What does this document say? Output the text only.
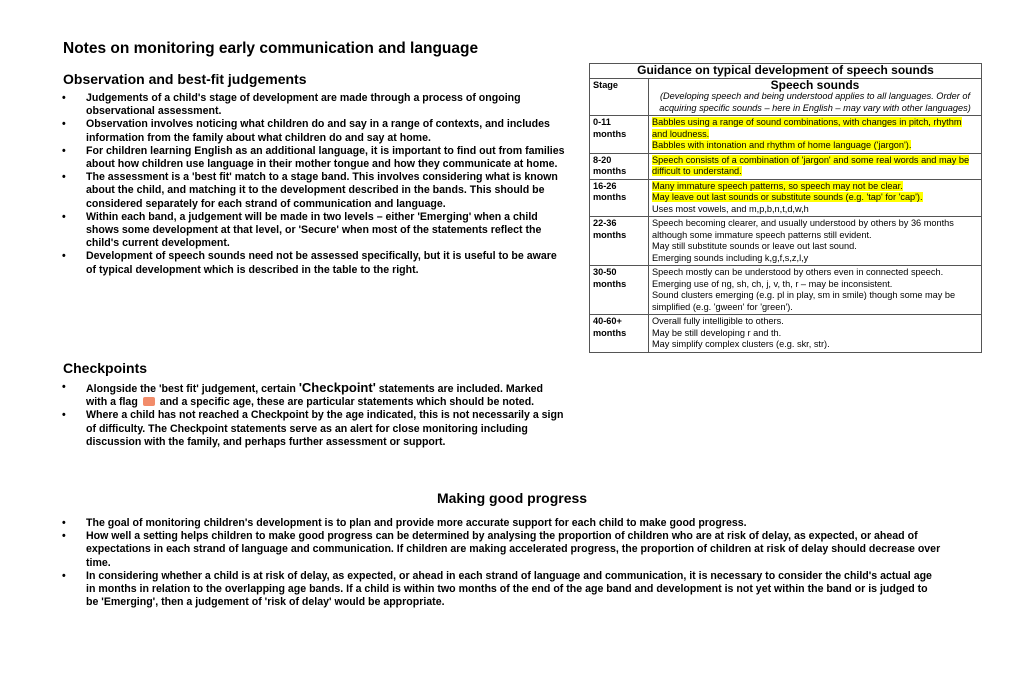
Notes on monitoring early communication and language
Observation and best-fit judgements
• Judgements of a child's stage of development are made through a process of ongoing observational assessment.
• Observation involves noticing what children do and say in a range of contexts, and includes information from the family about what children do and say at home.
• For children learning English as an additional language, it is important to find out from families about how children use language in their mother tongue and how they communicate at home.
• The assessment is a 'best fit' match to a stage band. This involves considering what is known about the child, and matching it to the development described in the bands. This should be considered separately for each strand of communication and language.
• Within each band, a judgement will be made in two levels – either 'Emerging' when a child shows some development at that level, or 'Secure' when most of the statements reflect the child's current development.
• Development of speech sounds need not be assessed specifically, but it is useful to be aware of typical development which is described in the table to the right.
Checkpoints
• Alongside the 'best fit' judgement, certain 'Checkpoint' statements are included. Marked with a flag  and a specific age, these are particular statements which should be noted.
• Where a child has not reached a Checkpoint by the age indicated, this is not necessarily a sign of difficulty. The Checkpoint statements serve as an alert for close monitoring including discussion with the family, and perhaps further assessment or support.
Making good progress
• The goal of monitoring children's development is to plan and provide more accurate support for each child to make good progress.
• How well a setting helps children to make good progress can be determined by analysing the proportion of children who are at risk of delay, as expected, or ahead of expectations in each strand of language and communication. If children are making accelerated progress, the proportion of children at risk of delay should decrease over time.
• In considering whether a child is at risk of delay, as expected, or ahead in each strand of language and communication, it is necessary to consider the child's actual age in months in relation to the overlapping age bands. If a child is within two months of the end of the age band and development is not yet within the band or is judged to be 'Emerging', then a judgement of 'risk of delay' would be appropriate.
Guidance on typical development of speech sounds	
Stage	Speech sounds
(Developing speech and being understood applies to all languages. Order of acquiring specific sounds – here in English – may vary with other languages)

0-11 months	Babbles using a range of sound combinations, with changes in pitch, rhythm and loudness.
Babbles with intonation and rhythm of home language ('jargon').

8-20 months	Speech consists of a combination of 'jargon' and some real words and may be difficult to understand.

16-26 months	Many immature speech patterns, so speech may not be clear.
May leave out last sounds or substitute sounds (e.g. 'tap' for 'cap').
Uses most vowels, and m,p,b,n,t,d,w,h

22-36 months	Speech becoming clearer, and usually understood by others by 36 months although some immature speech patterns still evident.
May still substitute sounds or leave out last sound.
Emerging sounds including k,g,f,s,z,l,y

30-50 months	Speech mostly can be understood by others even in connected speech.
Emerging use of ng, sh, ch, j, v, th, r – may be inconsistent.
Sound clusters emerging (e.g. pl in play, sm in smile) though some may be simplified (e.g. 'gween' for 'green').

40-60+ months	Overall fully intelligible to others.
May be still developing r and th.
May simplify complex clusters (e.g. skr, str).
